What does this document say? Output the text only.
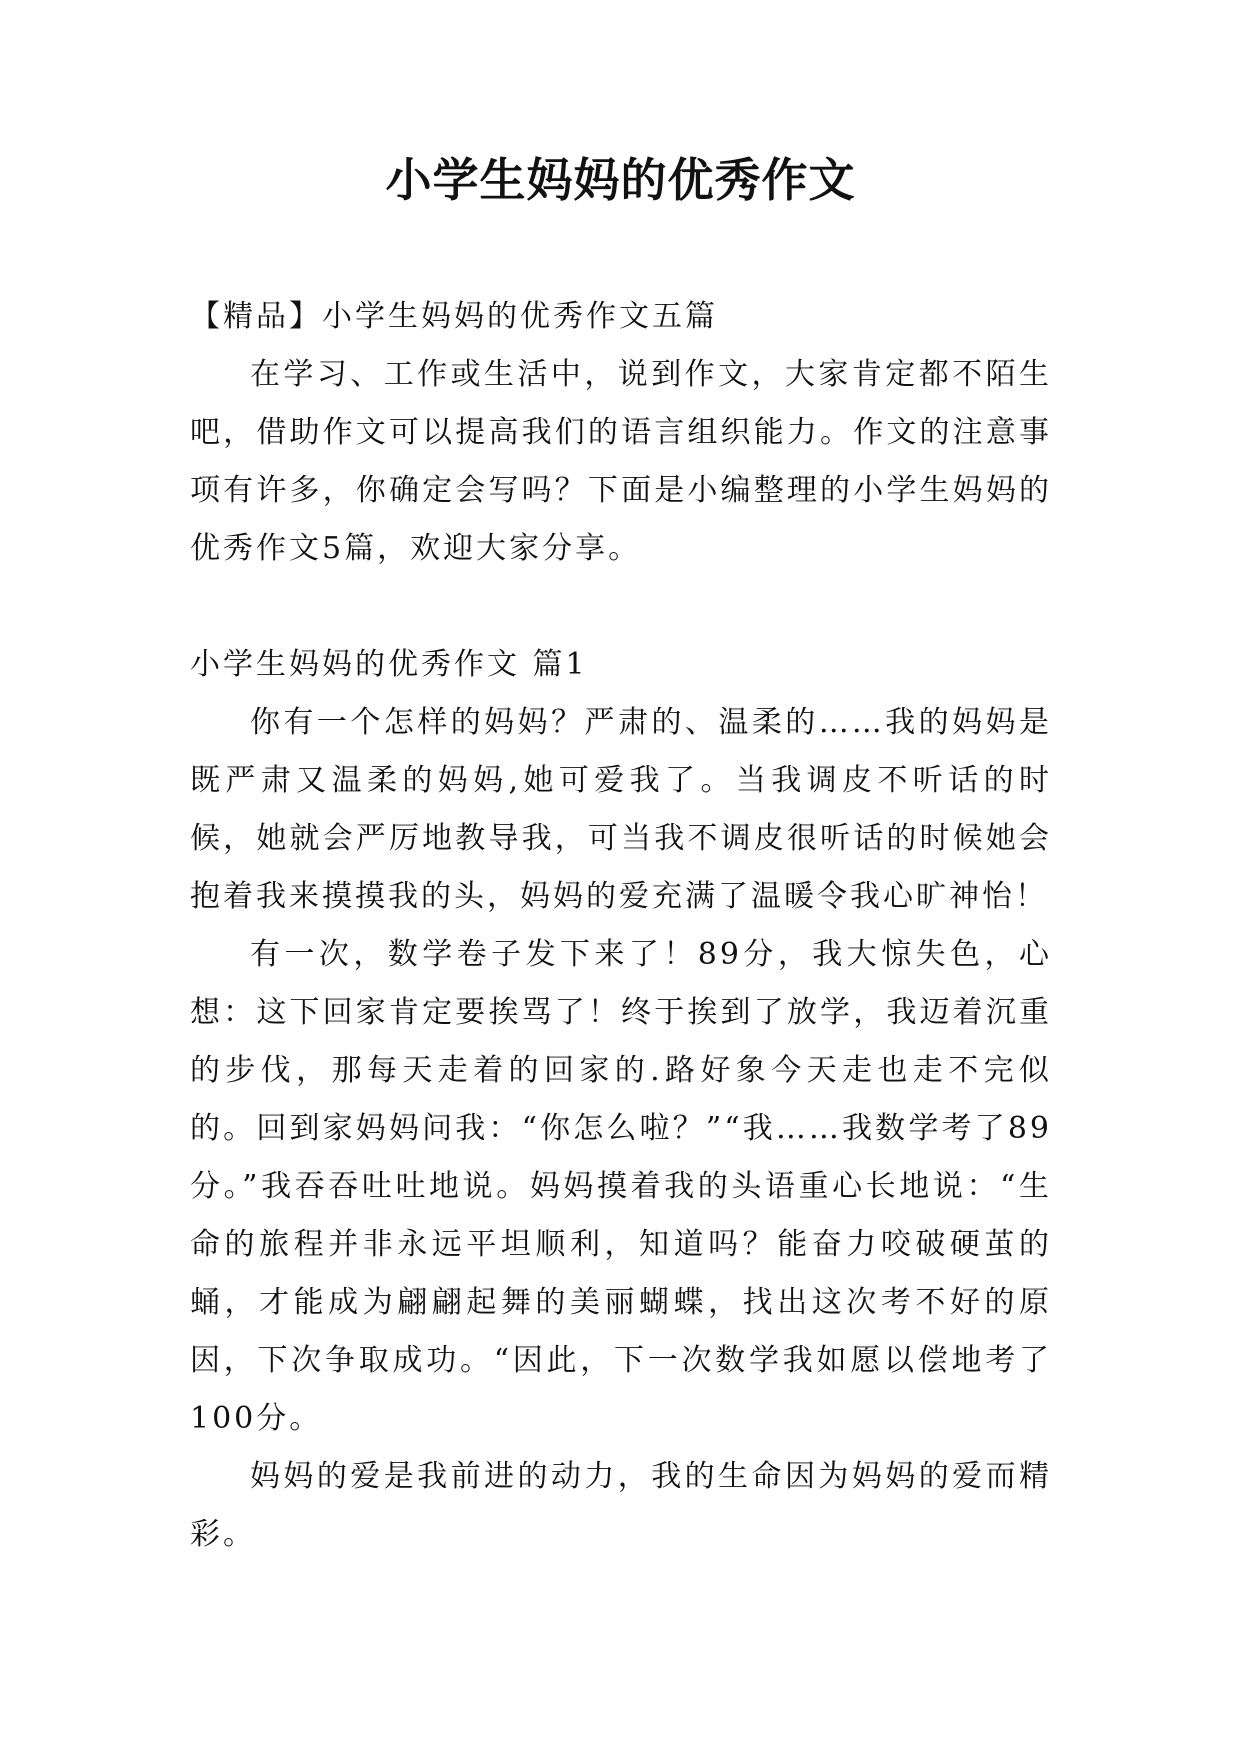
小学生妈妈的优秀作文

【精品】小学生妈妈的优秀作文五篇

在学习、工作或生活中，说到作文，大家肯定都不陌生吧，借助作文可以提高我们的语言组织能力。作文的注意事项有许多，你确定会写吗？下面是小编整理的小学生妈妈的优秀作文5篇，欢迎大家分享。

小学生妈妈的优秀作文 篇1

你有一个怎样的妈妈？严肃的、温柔的……我的妈妈是既严肃又温柔的妈妈,她可爱我了。当我调皮不听话的时候，她就会严厉地教导我，可当我不调皮很听话的时候她会抱着我来摸摸我的头，妈妈的爱充满了温暖令我心旷神怡！

有一次，数学卷子发下来了！89分，我大惊失色，心想：这下回家肯定要挨骂了！终于挨到了放学，我迈着沉重的步伐，那每天走着的回家的.路好象今天走也走不完似的。回到家妈妈问我：“你怎么啦？”“我……我数学考了89分。”我吞吞吐吐地说。妈妈摸着我的头语重心长地说：“生命的旅程并非永远平坦顺利，知道吗？能奋力咬破硬茧的蛹，才能成为翩翩起舞的美丽蝴蝶，找出这次考不好的原因，下次争取成功。“因此，下一次数学我如愿以偿地考了100分。

妈妈的爱是我前进的动力，我的生命因为妈妈的爱而精彩。
